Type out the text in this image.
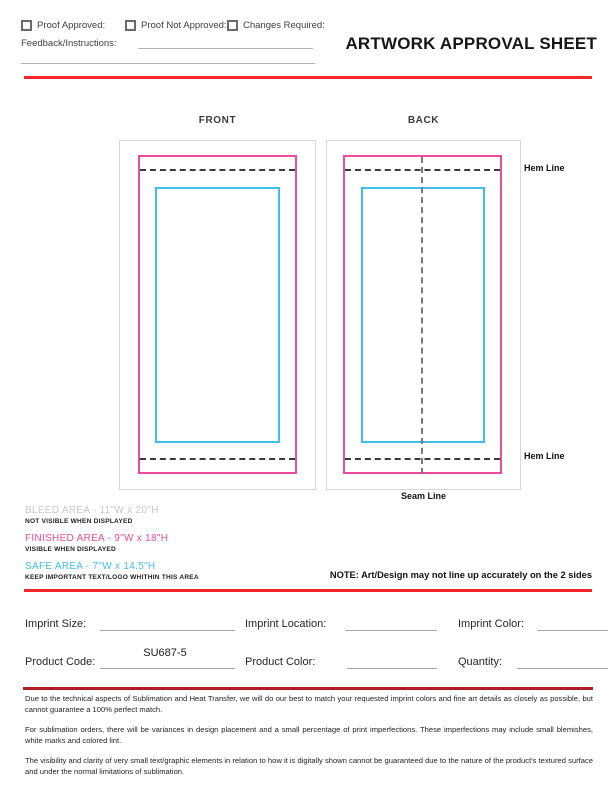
Proof Approved:	Proof Not Approved: Changes Required:
Feedback/Instructions:	ARTWORK APPROVAL SHEET
FRONT	BACK
Hem Line
Hem Line
Seam Line
BLEED AREA - 11"W x 20"H
NOT VISIBLE WHEN DISPLAYED
FINISHED AREA - 9"W x 18"H
VISIBLE WHEN DISPLAYED
SAFE AREA - 7"W x 14.5"H
KEEP IMPORTANT TEXT/LOGO WHITHIN THIS AREA	NOTE: Art/Design may not line up accurately on the 2 sides
Imprint Size:	Imprint Location:	Imprint Color:
Product Code:
SU687-5
Product Color:	Quantity:
Due to the technical aspects of Sublimation and Heat Transfer, we will do our best to match your requested imprint colors and fine art details as closely as possible, but cannot guarantee a 100% perfect match.
For sublimation orders, there will be variances in design placement and a small percentage of print imperfections. These imperfections may include small blemishes, white marks and colored lint.
The visibility and clarity of very small text/graphic elements in relation to how it is digitally shown cannot be guaranteed due to the nature of the product's textured surface and under the normal limitations of sublimation.
